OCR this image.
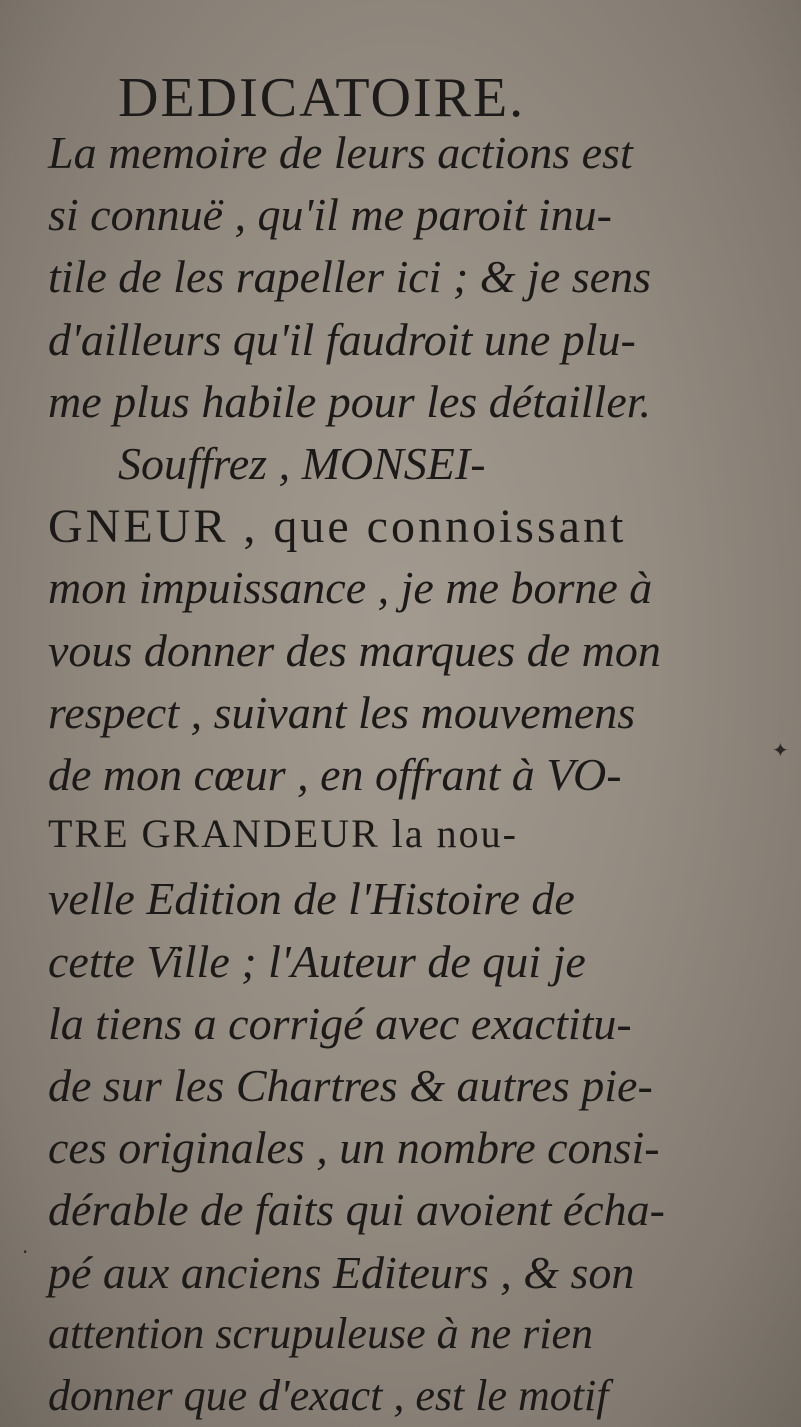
DEDICATOIRE.
La memoire de leurs actions est
si connuë , qu'il me paroit inu-
tile de les rapeller ici ; & je sens
d'ailleurs qu'il faudroit une plu-
me plus habile pour les détailler.
Souffrez , MONSEI-
GNEUR , que connoissant
mon impuissance , je me borne à
vous donner des marques de mon
respect , suivant les mouvemens
de mon cœur , en offrant à VO-
TRE GRANDEUR la nou-
velle Edition de l'Histoire de
cette Ville ; l'Auteur de qui je
la tiens a corrigé avec exactitu-
de sur les Chartres & autres pie-
ces originales , un nombre consi-
dérable de faits qui avoient écha-
pé aux anciens Editeurs , & son
attention scrupuleuse à ne rien
donner que d'exact , est le motif
✦
·
